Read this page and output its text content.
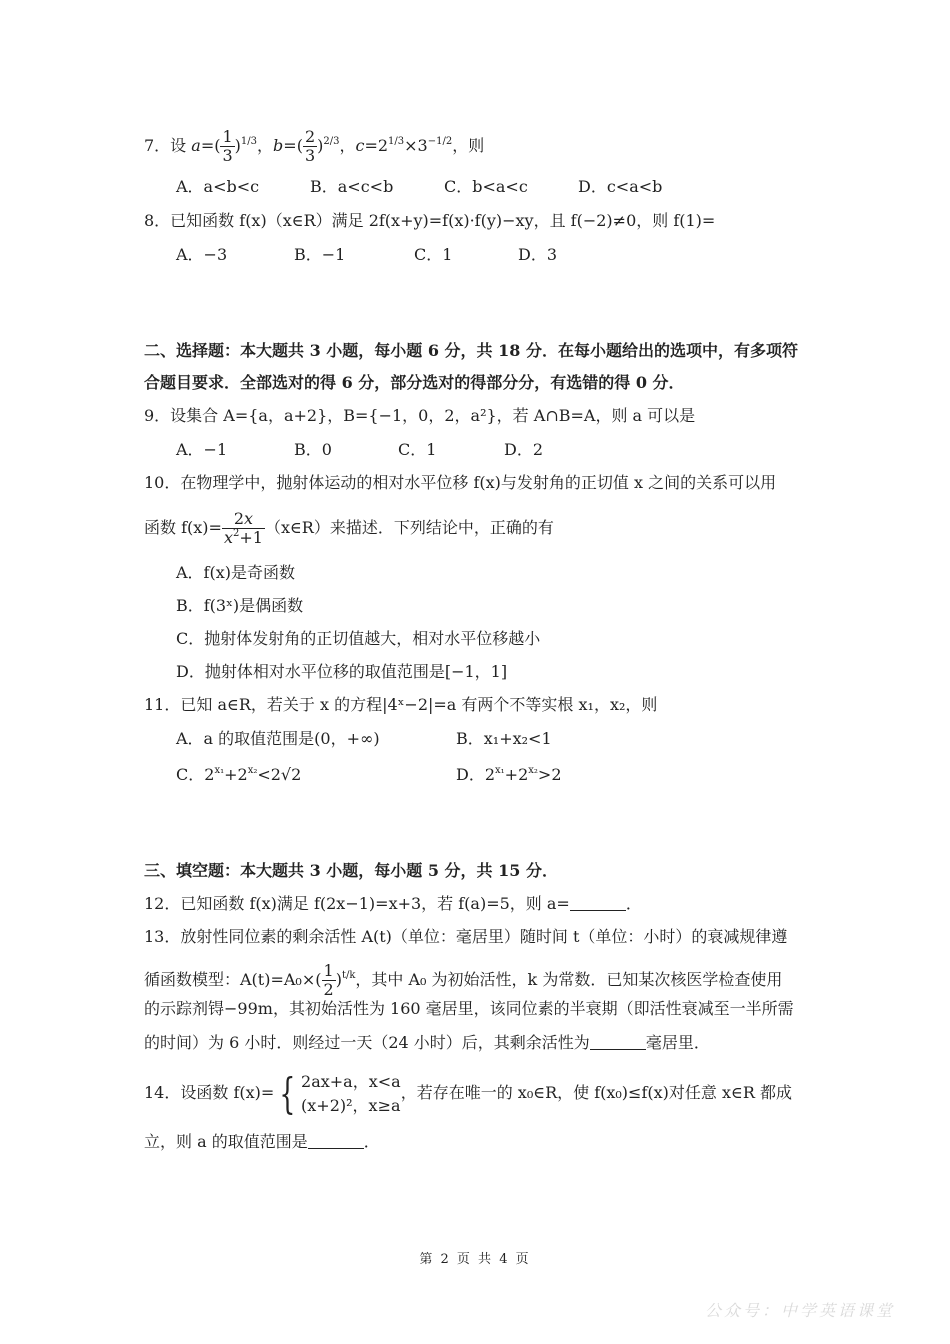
7．设 $a=( \frac{1}{3} )^{1/3}$，$b=( \frac{2}{3} )^{2/3}$，$c=2^{1/3}\times 3^{-1/2}$，则
A．a<b<c	B．a<c<b	C．b<a<c	D．c<a<b
8．已知函数 f(x)（x∈R）满足 2f(x+y)=f(x)·f(y)−xy，且 f(−2)≠0，则 f(1)=
A．−3	B．−1	C．1	D．3
二、选择题：本大题共 3 小题，每小题 6 分，共 18 分．在每小题给出的选项中，有多项符
合题目要求．全部选对的得 6 分，部分选对的得部分分，有选错的得 0 分．
9．设集合 A={a，a+2}，B={−1，0，2，a²}，若 A∩B=A，则 a 可以是
A．−1	B．0	C．1	D．2
10．在物理学中，抛射体运动的相对水平位移 f(x)与发射角的正切值 x 之间的关系可以用
函数 $f(x)= \frac{2x}{x^2+1}$ （x∈R）来描述．下列结论中，正确的有
A．f(x)是奇函数
B．f(3ˣ)是偶函数
C．抛射体发射角的正切值越大，相对水平位移越小
D．抛射体相对水平位移的取值范围是[−1，1]
11．已知 a∈R，若关于 x 的方程|4ˣ−2|=a 有两个不等实根 x₁，x₂，则
A．a 的取值范围是(0，+∞)	B．x₁+x₂<1
C．$2^{x_1}+2^{x_2}<2√2$	D．$2^{x_1}+2^{x_2}>2$
三、填空题：本大题共 3 小题，每小题 5 分，共 15 分．
12．已知函数 f(x)满足 f(2x−1)=x+3，若 f(a)=5，则 a=	．
13．放射性同位素的剩余活性 A(t)（单位：毫居里）随时间 t（单位：小时）的衰减规律遵
循函数模型：$A(t)=A_0\times( \frac{1}{2} )^{t/k}$，其中 A₀ 为初始活性，k 为常数．已知某次核医学检查使用
的示踪剂锝−99m，其初始活性为 160 毫居里，该同位素的半衰期（即活性衰减至一半所需
的时间）为 6 小时．则经过一天（24 小时）后，其剩余活性为	毫居里．
14．设函数 f(x)= { 2ax+a，x<a
(x+2)²，x≥a
，若存在唯一的 x₀∈R，使 f(x₀)≤f(x)对任意 x∈R 都成
立，则 a 的取值范围是	．
第 2 页 共 4 页
公众号：中学英语课堂
